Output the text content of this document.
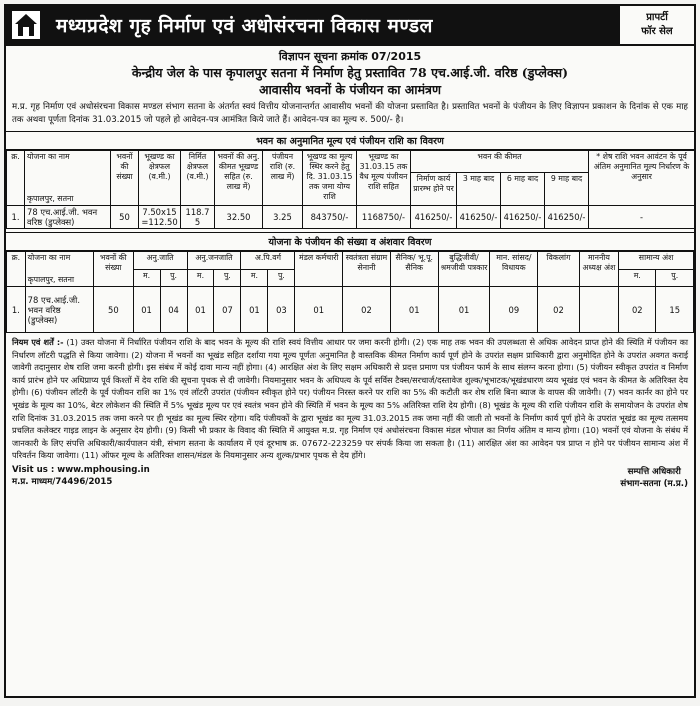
मध्यप्रदेश गृह निर्माण एवं अधोसंरचना विकास मण्डल	प्रापर्टी
फॉर सेल
विज्ञापन सूचना क्रमांक 07/2015
केन्द्रीय जेल के पास कृपालपुर सतना में निर्माण हेतु प्रस्तावित 78 एच.आई.जी. वरिष्ठ (डुप्लेक्स)
आवासीय भवनों के पंजीयन का आमंत्रण
म.प्र. गृह निर्माण एवं अधोसंरचना विकास मण्डल संभाग सतना के अंतर्गत स्वयं वित्तीय योजनान्तर्गत आवासीय भवनों की योजना प्रस्तावित है। प्रस्तावित भवनों के पंजीयन के लिए विज्ञापन प्रकाशन के दिनांक से एक माह तक अथवा पूर्णता दिनांक 31.03.2015 जो पहले हो आवेदन-पत्र आमंत्रित किये जाते हैं। आवेदन-पत्र का मूल्य रु. 500/- है।
भवन का अनुमानित मूल्य एवं पंजीयन राशि का विवरण
क्र.	योजना का नाम
कृपालपुर, सतना	भवनों की संख्या	भूखण्ड का क्षेत्रफल (व.मी.)	निर्मित क्षेत्रफल (व.मी.)	भवनों की अनु. कीमत भूखण्ड सहित (रु. लाख में)	पंजीयन राशि (रु. लाख में)	भूखण्ड का मूल्य स्थिर करने हेतु दि. 31.03.15 तक जमा योग्य राशि	भूखण्ड का 31.03.15 तक वैध मूल्य पंजीयन राशि सहित	भवन की कीमत				* शेष राशि भवन आवंटन के पूर्व अंतिम अनुमानित मूल्य निर्धारण के अनुसार
									निर्माण कार्य प्रारम्भ होने पर	3 माह बाद	6 माह बाद	9 माह बाद	
1.	78 एच.आई.जी. भवन वरिष्ठ (डुप्लेक्स)	50	7.50x15 =112.50	118.75	32.50	3.25	843750/-	1168750/-	416250/-	416250/-	416250/-	416250/-	-
योजना के पंजीयन की संख्या व अंशवार विवरण
क्र.	योजना का नाम
कृपालपुर, सतना	भवनों की संख्या	अनु.जाति		अनु.जनजाति		अ.पि.वर्ग		मंडल कर्मचारी	स्वतंत्रता संग्राम सेनानी	सैनिक/ भू.पू. सैनिक	बुद्धिजीवी/ श्रमजीवी पत्रकार	मान. सांसद/ विधायक	विकलांग	माननीय अध्यक्ष अंश	सामान्य अंश	
			म.	पु.	म.	पु.	म.	पु.								म.	पु.
1.	78 एच.आई.जी. भवन वरिष्ठ (डुप्लेक्स)	50	01	04	01	07	01	03	01	02	01	01	09	02		02	15
नियम एवं शर्तें :- (1) उक्त योजना में निर्धारित पंजीयन राशि के बाद भवन के मूल्य की राशि स्वयं वित्तीय आधार पर जमा करनी होगी। (2) एक माह तक भवन की उपलब्धता से अधिक आवेदन प्राप्त होने की स्थिति में पंजीयन का निर्धारण लॉटरी पद्धति से किया जावेगा। (2) योजना में भवनों का भूखंड सहित दर्शाया गया मूल्य पूर्णतः अनुमानित है वास्तविक कीमत निर्माण कार्य पूर्ण होने के उपरांत सक्षम प्राधिकारी द्वारा अनुमोदित होने के उपरांत अवगत कराई जावेगी तदानुसार शेष राशि जमा करनी होगी। इस संबंध में कोई दावा मान्य नहीं होगा। (4) आरक्षित अंश के लिए सक्षम अधिकारी से प्रदत्त प्रमाण पत्र पंजीयन फार्म के साथ संलग्न करना होगा। (5) पंजीयन स्वीकृत उपरांत व निर्माण कार्य प्रारंभ होने पर अधिप्राप्य पूर्व किश्तों में देय राशि की सूचना पृथक से दी जावेगी। नियमानुसार भवन के अधिपत्य के पूर्व सर्विस टैक्स/सरचार्ज/दस्तावेज शुल्क/भूभाटक/भूखंडधारण व्यय भूखंड एवं भवन के कीमत के अतिरिक्त देय होगी। (6) पंजीयन लॉटरी के पूर्व पंजीयन राशि का 1% एवं लॉटरी उपरांत (पंजीयन स्वीकृत होने पर) पंजीयन निरस्त करने पर राशि का 5% की कटौती कर शेष राशि बिना ब्याज के वापस की जावेगी। (7) भवन कार्नर का होने पर भूखंड के मूल्य का 10%, बेटर लोकेशन की स्थिति में 5% भूखंड मूल्य पर एवं स्वतंत्र भवन होने की स्थिति में भवन के मूल्य का 5% अतिरिक्त राशि देय होगी। (8) भूखंड के मूल्य की राशि पंजीयन राशि के समायोजन के उपरांत शेष राशि दिनांक 31.03.2015 तक जमा करने पर ही भूखंड का मूल्य स्थिर रहेगा। यदि पंजीयकों के द्वारा भूखंड का मूल्य 31.03.2015 तक जमा नहीं की जाती तो भवनों के निर्माण कार्य पूर्ण होने के उपरांत भूखंड का मूल्य तत्समय प्रचलित कलेक्टर गाइड लाइन के अनुसार देय होगी। (9) किसी भी प्रकार के विवाद की स्थिति में आयुक्त म.प्र. गृह निर्माण एवं अधोसंरचना विकास मंडल भोपाल का निर्णय अंतिम व मान्य होगा। (10) भवनों एवं योजना के संबंध में जानकारी के लिए संपत्ति अधिकारी/कार्यपालन यंत्री, संभाग सतना के कार्यालय में एवं दूरभाष क्र. 07672-223259 पर संपर्क किया जा सकता है। (11) आरक्षित अंश का आवेदन पत्र प्राप्त न होने पर पंजीयन सामान्य अंश में परिवर्तन किया जावेगा। (11) ऑफर मूल्य के अतिरिक्त शासन/मंडल के नियमानुसार अन्य शुल्क/प्रभार पृथक से देय होंगे।
Visit us : www.mphousing.in
म.प्र. माध्यम/74496/2015
सम्पत्ति अधिकारी
संभाग-सतना (म.प्र.)
